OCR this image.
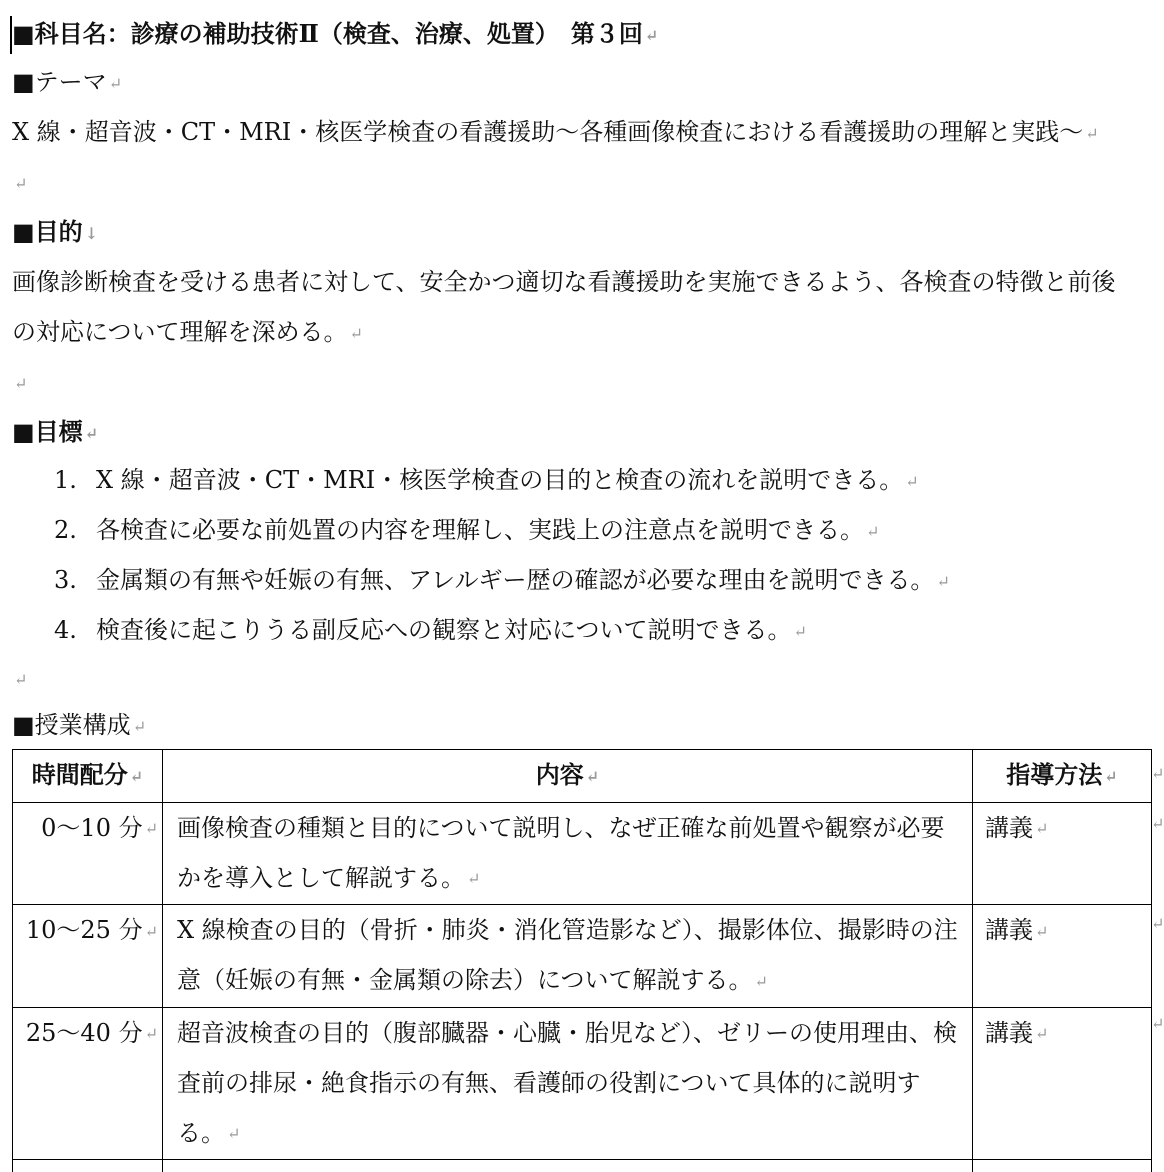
■科目名：診療の補助技術Ⅱ（検査、治療、処置）　第３回 ↵
■テーマ ↵
X 線・超音波・CT・MRI・核医学検査の看護援助～各種画像検査における看護援助の理解と実践～ ↵
↵
■目的 ↓
画像診断検査を受ける患者に対して、安全かつ適切な看護援助を実施できるよう、各検査の特徴と前後
の対応について理解を深める。 ↵
↵
■目標 ↵
1. X 線・超音波・CT・MRI・核医学検査の目的と検査の流れを説明できる。 ↵
2. 各検査に必要な前処置の内容を理解し、実践上の注意点を説明できる。 ↵
3. 金属類の有無や妊娠の有無、アレルギー歴の確認が必要な理由を説明できる。 ↵
4. 検査後に起こりうる副反応への観察と対応について説明できる。 ↵
↵
■授業構成 ↵
時間配分 ↵	内容 ↵	指導方法 ↵
0～10 分 ↵	画像検査の種類と目的について説明し、なぜ正確な前処置や観察が必要かを導入として解説する。 ↵	講義 ↵
10～25 分 ↵	X 線検査の目的（骨折・肺炎・消化管造影など）、撮影体位、撮影時の注意（妊娠の有無・金属類の除去）について解説する。 ↵	講義 ↵
25～40 分 ↵	超音波検査の目的（腹部臓器・心臓・胎児など）、ゼリーの使用理由、検査前の排尿・絶食指示の有無、看護師の役割について具体的に説明する。 ↵	講義 ↵

↵
↵
↵
↵
